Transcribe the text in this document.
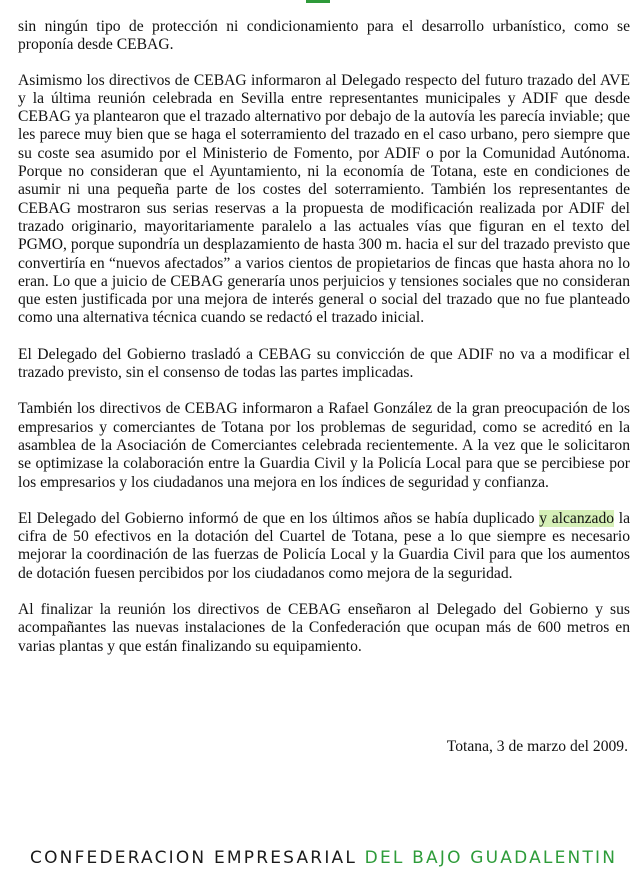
sin ningún tipo de protección ni condicionamiento para el desarrollo urbanístico, como se proponía desde CEBAG.

Asimismo los directivos de CEBAG informaron al Delegado respecto del futuro trazado del AVE y la última reunión celebrada en Sevilla entre representantes municipales y ADIF que desde CEBAG ya plantearon que el trazado alternativo por debajo de la autovía les parecía inviable; que les parece muy bien que se haga el soterramiento del trazado en el caso urbano, pero siempre que su coste sea asumido por el Ministerio de Fomento, por ADIF o por la Comunidad Autónoma. Porque no consideran que el Ayuntamiento, ni la economía de Totana, este en condiciones de asumir ni una pequeña parte de los costes del soterramiento. También los representantes de CEBAG mostraron sus serias reservas a la propuesta de modificación realizada por ADIF del trazado originario, mayoritariamente paralelo a las actuales vías que figuran en el texto del PGMO, porque supondría un desplazamiento de hasta 300 m. hacia el sur del trazado previsto que convertiría en “nuevos afectados” a varios cientos de propietarios de fincas que hasta ahora no lo eran. Lo que a juicio de CEBAG generaría unos perjuicios y tensiones sociales que no consideran que esten justificada por una mejora de interés general o social del trazado que no fue planteado como una alternativa técnica cuando se redactó el trazado inicial.

El Delegado del Gobierno trasladó a CEBAG su convicción de que ADIF no va a modificar el trazado previsto, sin el consenso de todas las partes implicadas.

También los directivos de CEBAG informaron a Rafael González de la gran preocupación de los empresarios y comerciantes de Totana por los problemas de seguridad, como se acreditó en la asamblea de la Asociación de Comerciantes celebrada recientemente. A la vez que le solicitaron se optimizase la colaboración entre la Guardia Civil y la Policía Local para que se percibiese por los empresarios y los ciudadanos una mejora en los índices de seguridad y confianza.

El Delegado del Gobierno informó de que en los últimos años se había duplicado y alcanzado la cifra de 50 efectivos en la dotación del Cuartel de Totana, pese a lo que siempre es necesario mejorar la coordinación de las fuerzas de Policía Local y la Guardia Civil para que los aumentos de dotación fuesen percibidos por los ciudadanos como mejora de la seguridad.

Al finalizar la reunión los directivos de CEBAG enseñaron al Delegado del Gobierno y sus acompañantes las nuevas instalaciones de la Confederación que ocupan más de 600 metros en varias plantas y que están finalizando su equipamiento.

Totana, 3 de marzo del 2009.
CONFEDERACION EMPRESARIAL DEL BAJO GUADALENTIN
